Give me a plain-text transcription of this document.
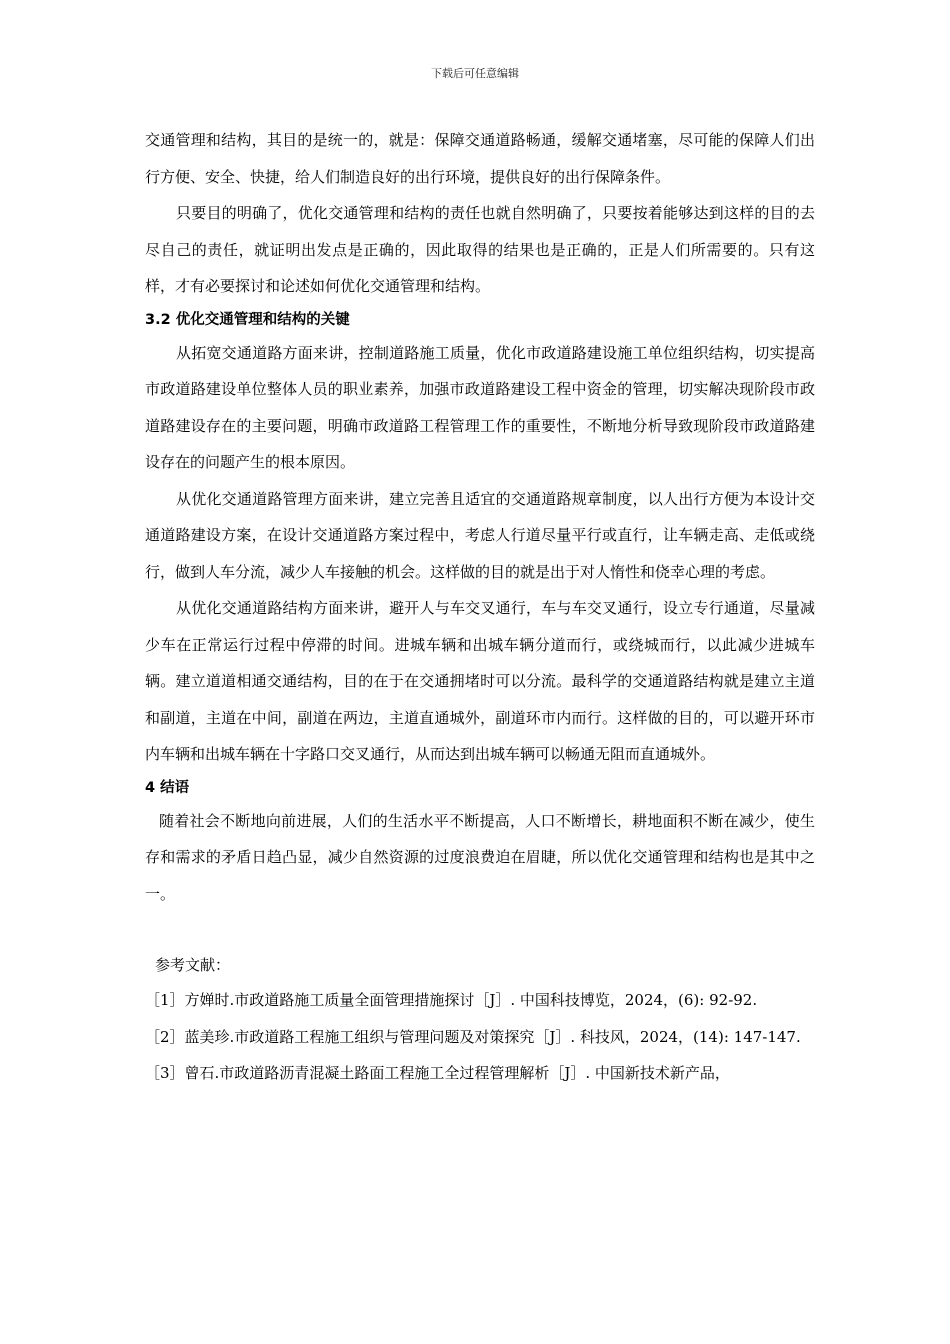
下载后可任意编辑

交通管理和结构，其目的是统一的，就是：保障交通道路畅通，缓解交通堵塞，尽可能的保障人们出行方便、安全、快捷，给人们制造良好的出行环境，提供良好的出行保障条件。

只要目的明确了，优化交通管理和结构的责任也就自然明确了，只要按着能够达到这样的目的去尽自己的责任，就证明出发点是正确的，因此取得的结果也是正确的，正是人们所需要的。只有这样，才有必要探讨和论述如何优化交通管理和结构。

3.2 优化交通管理和结构的关键

从拓宽交通道路方面来讲，控制道路施工质量，优化市政道路建设施工单位组织结构，切实提高市政道路建设单位整体人员的职业素养，加强市政道路建设工程中资金的管理，切实解决现阶段市政道路建设存在的主要问题，明确市政道路工程管理工作的重要性，不断地分析导致现阶段市政道路建设存在的问题产生的根本原因。

从优化交通道路管理方面来讲，建立完善且适宜的交通道路规章制度，以人出行方便为本设计交通道路建设方案，在设计交通道路方案过程中，考虑人行道尽量平行或直行，让车辆走高、走低或绕行，做到人车分流，减少人车接触的机会。这样做的目的就是出于对人惰性和侥幸心理的考虑。

从优化交通道路结构方面来讲，避开人与车交叉通行，车与车交叉通行，设立专行通道，尽量减少车在正常运行过程中停滞的时间。进城车辆和出城车辆分道而行，或绕城而行，以此减少进城车辆。建立道道相通交通结构，目的在于在交通拥堵时可以分流。最科学的交通道路结构就是建立主道和副道，主道在中间，副道在两边，主道直通城外，副道环市内而行。这样做的目的，可以避开环市内车辆和出城车辆在十字路口交叉通行，从而达到出城车辆可以畅通无阻而直通城外。

4 结语

随着社会不断地向前进展，人们的生活水平不断提高，人口不断增长，耕地面积不断在减少，使生存和需求的矛盾日趋凸显，减少自然资源的过度浪费迫在眉睫，所以优化交通管理和结构也是其中之一。

参考文献：

［1］方婵时.市政道路施工质量全面管理措施探讨［J］. 中国科技博览，2024，(6): 92-92.

［2］蓝美珍.市政道路工程施工组织与管理问题及对策探究［J］. 科技风，2024，(14): 147-147.

［3］曾石.市政道路沥青混凝土路面工程施工全过程管理解析［J］. 中国新技术新产品，
